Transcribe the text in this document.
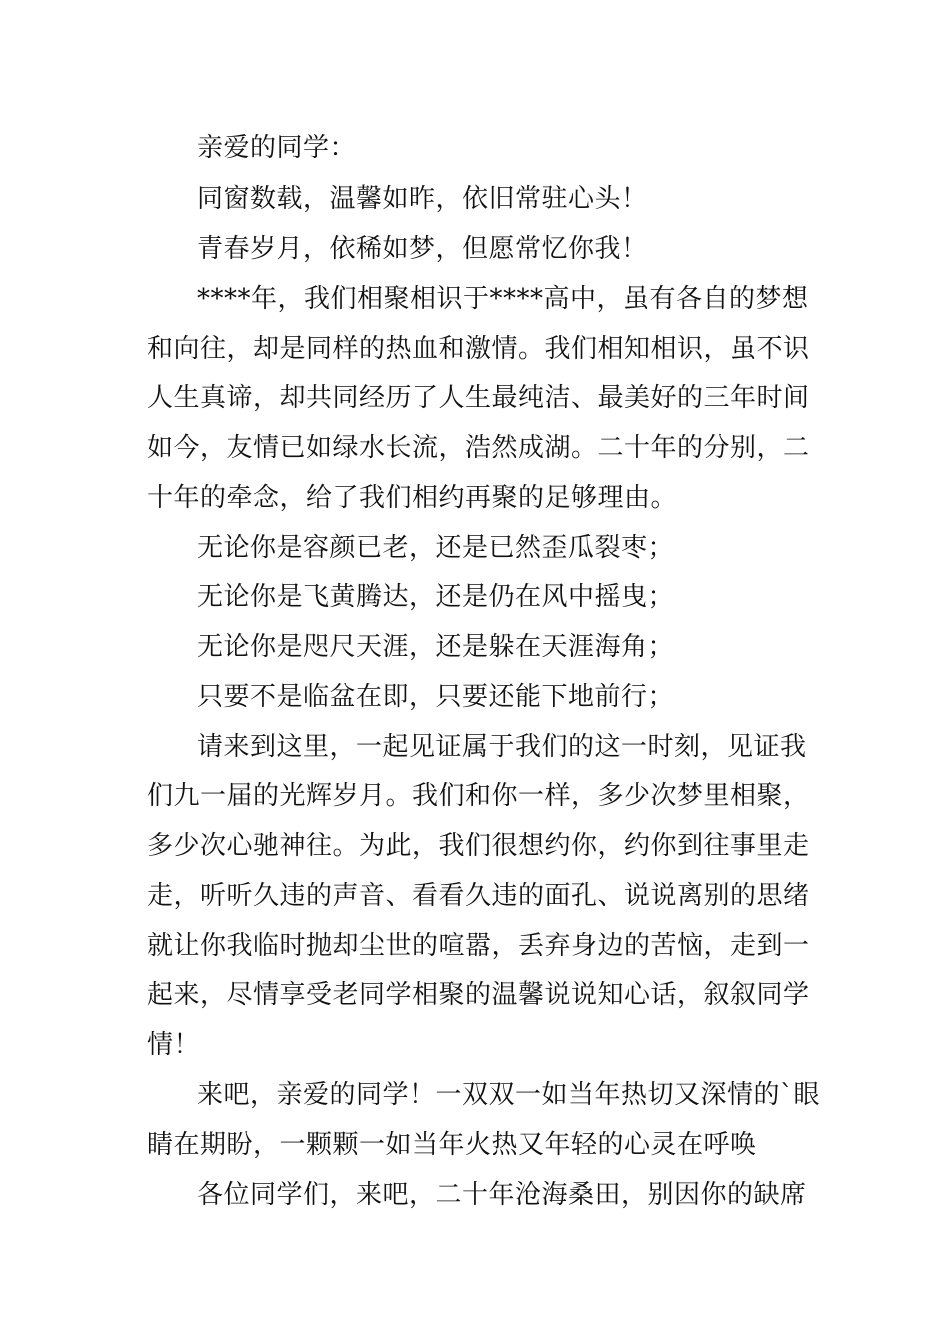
亲爱的同学：
同窗数载，温馨如昨，依旧常驻心头！
青春岁月，依稀如梦，但愿常忆你我！
****年，我们相聚相识于****高中，虽有各自的梦想
和向往，却是同样的热血和激情。我们相知相识，虽不识
人生真谛，却共同经历了人生最纯洁、最美好的三年时间
如今，友情已如绿水长流，浩然成湖。二十年的分别，二
十年的牵念，给了我们相约再聚的足够理由。
无论你是容颜已老，还是已然歪瓜裂枣；
无论你是飞黄腾达，还是仍在风中摇曳；
无论你是咫尺天涯，还是躲在天涯海角；
只要不是临盆在即，只要还能下地前行；
请来到这里，一起见证属于我们的这一时刻，见证我
们九一届的光辉岁月。我们和你一样，多少次梦里相聚，
多少次心驰神往。为此，我们很想约你，约你到往事里走
走，听听久违的声音、看看久违的面孔、说说离别的思绪
就让你我临时抛却尘世的喧嚣，丢弃身边的苦恼，走到一
起来，尽情享受老同学相聚的温馨说说知心话，叙叙同学
情！
来吧，亲爱的同学！一双双一如当年热切又深情的`眼
睛在期盼，一颗颗一如当年火热又年轻的心灵在呼唤
各位同学们，来吧，二十年沧海桑田，别因你的缺席
